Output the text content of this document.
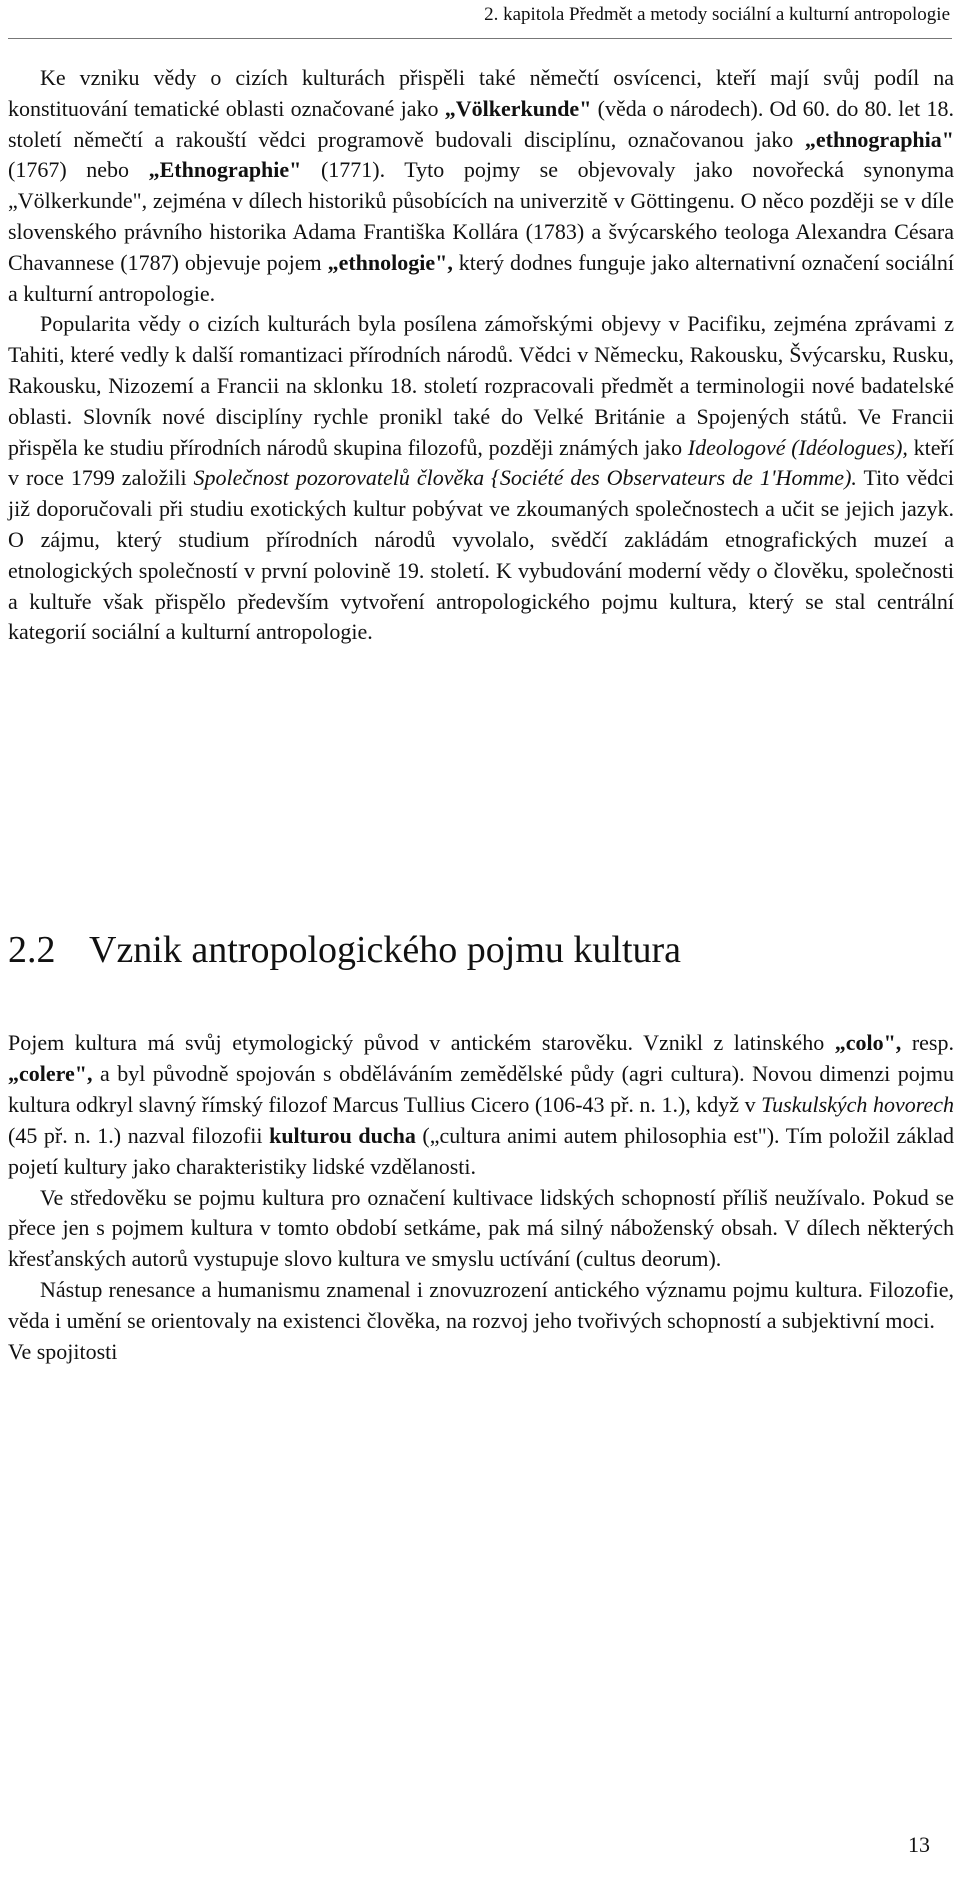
2. kapitola Předmět a metody sociální a kulturní antropologie

Ke vzniku vědy o cizích kulturách přispěli také němečtí osvícenci, kteří mají svůj podíl na konstituování tematické oblasti označované jako „Völkerkunde" (věda o národech). Od 60. do 80. let 18. století němečtí a rakouští vědci programově budovali disciplínu, označovanou jako „ethnographia" (1767) nebo „Ethnographie" (1771). Tyto pojmy se objevovaly jako novořecká synonyma „Völkerkunde", zejména v dílech historiků působících na univerzitě v Göttingenu. O něco později se v díle slovenského právního historika Adama Františka Kollára (1783) a švýcarského teologa Alexandra Césara Chavannese (1787) objevuje pojem „ethnologie", který dodnes funguje jako alternativní označení sociální a kulturní antropologie.

Popularita vědy o cizích kulturách byla posílena zámořskými objevy v Pacifiku, zejména zprávami z Tahiti, které vedly k další romantizaci přírodních národů. Vědci v Německu, Rakousku, Švýcarsku, Rusku, Rakousku, Nizozemí a Francii na sklonku 18. století rozpracovali předmět a terminologii nové badatelské oblasti. Slovník nové disciplíny rychle pronikl také do Velké Británie a Spojených států. Ve Francii přispěla ke studiu přírodních národů skupina filozofů, později známých jako Ideologové (Idéologues), kteří v roce 1799 založili Společnost pozorovatelů člověka {Société des Observateurs de 1'Homme). Tito vědci již doporučovali při studiu exotických kultur pobývat ve zkoumaných společnostech a učit se jejich jazyk. O zájmu, který studium přírodních národů vyvolalo, svědčí zakládám etnografických muzeí a etnologických společností v první polovině 19. století. K vybudování moderní vědy o člověku, společnosti a kultuře však přispělo především vytvoření antropologického pojmu kultura, který se stal centrální kategorií sociální a kulturní antropologie.

2.2 Vznik antropologického pojmu kultura

Pojem kultura má svůj etymologický původ v antickém starověku. Vznikl z latinského „colo", resp. „colere", a byl původně spojován s obděláváním zemědělské půdy (agri cultura). Novou dimenzi pojmu kultura odkryl slavný římský filozof Marcus Tullius Cicero (106-43 př. n. 1.), když v Tuskulských hovorech (45 př. n. 1.) nazval filozofii kulturou ducha („cultura animi autem philosophia est"). Tím položil základ pojetí kultury jako charakteristiky lidské vzdělanosti.

Ve středověku se pojmu kultura pro označení kultivace lidských schopností příliš neužívalo. Pokud se přece jen s pojmem kultura v tomto období setkáme, pak má silný náboženský obsah. V dílech některých křesťanských autorů vystupuje slovo kultura ve smyslu uctívání (cultus deorum).

Nástup renesance a humanismu znamenal i znovuzrození antického významu pojmu kultura. Filozofie, věda i umění se orientovaly na existenci člověka, na rozvoj jeho tvořivých schopností a subjektivní moci.

Ve spojitosti

13
